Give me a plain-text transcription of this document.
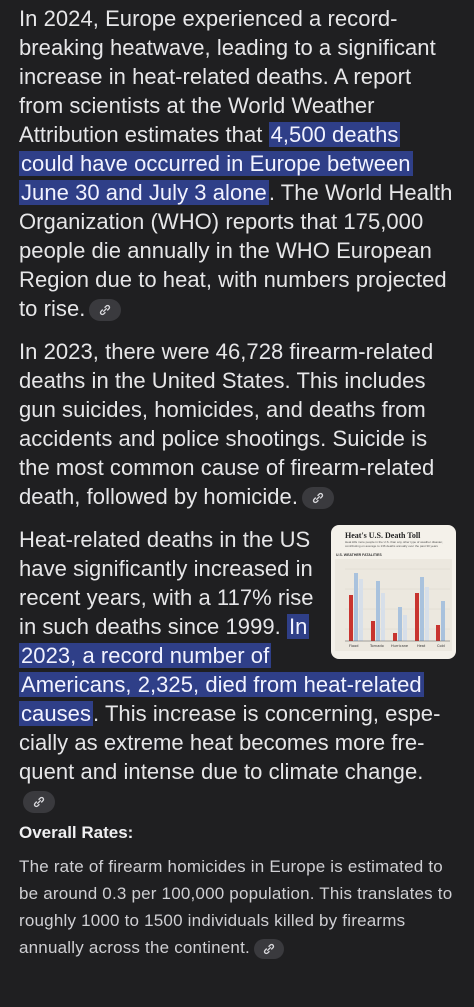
In 2024, Europe experienced a record-breaking heatwave, leading to a significant increase in heat-related deaths. A report from scientists at the World Weather Attribution estimates that 4,500 deaths could have occurred in Europe between June 30 and July 3 alone. The World Health Organization (WHO) reports that 175,000 people die annually in the WHO European Region due to heat, with numbers projected to rise.

In 2023, there were 46,728 firearm-related deaths in the United States. This includes gun suicides, homicides, and deaths from accidents and police shootings. Suicide is the most common cause of firearm-related death, followed by homicide.

Heat's U.S. Death Toll
Heat kills more people in the U.S. than any other type of weather disaster, contributing on average to 136 deaths annually over the past 30 years
U.S. WEATHER FATALITIES
Flood	Tornado Hurricane	Heat	Cold

Heat-related deaths in the US have significantly increased in recent years, with a 117% rise in such deaths since 1999. In 2023, a record number of Americans, 2,325, died from heat-related causes. This increase is concerning, especially as extreme heat becomes more frequent and intense due to climate change.

Overall Rates:

The rate of firearm homicides in Europe is estimated to be around 0.3 per 100,000 population. This translates to roughly 1000 to 1500 individuals killed by firearms annually across the continent.
